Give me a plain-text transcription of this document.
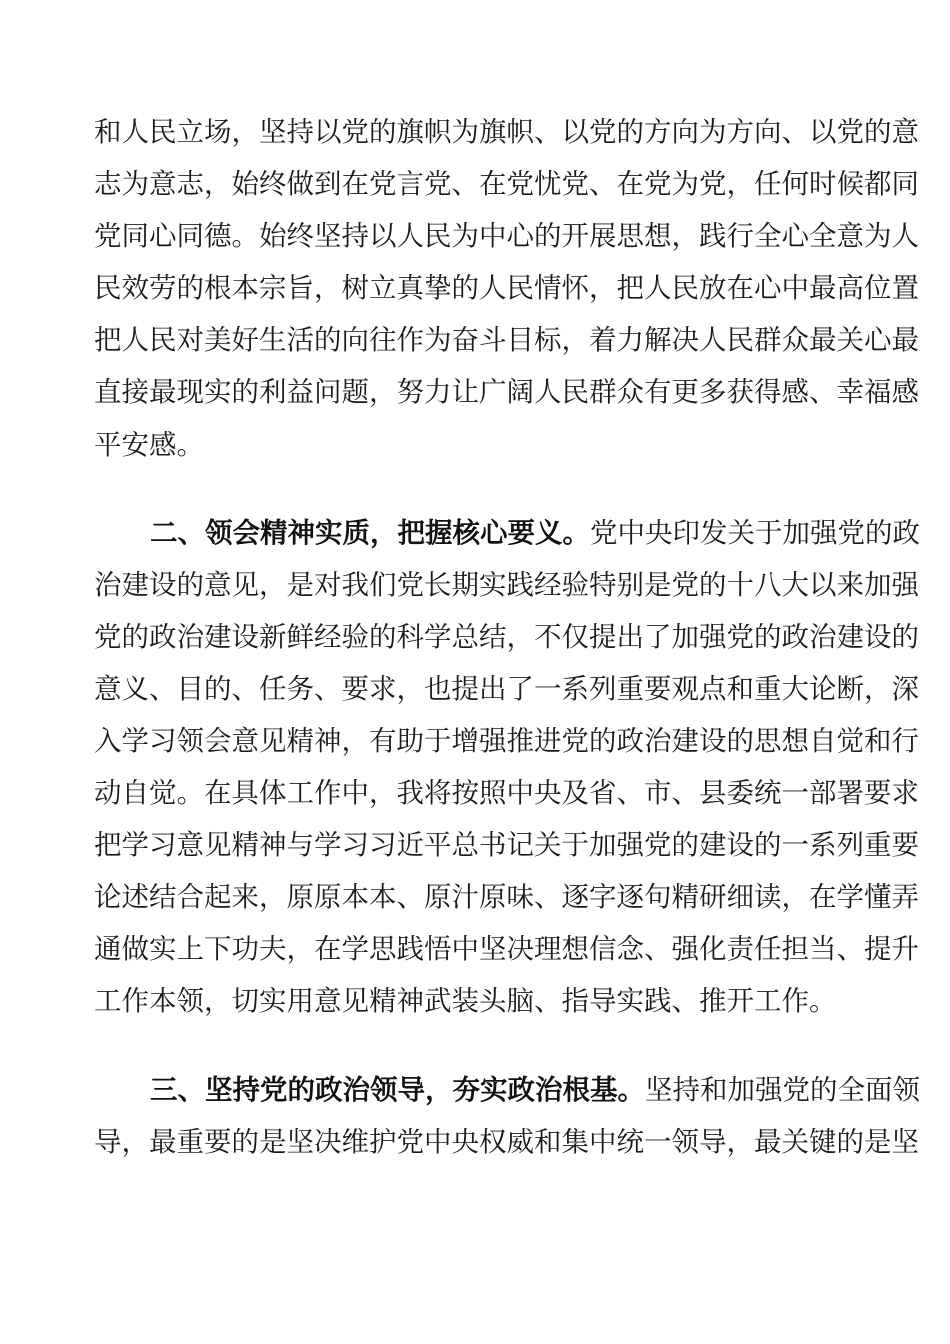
和人民立场，坚持以党的旗帜为旗帜、以党的方向为方向、以党的意
志为意志，始终做到在党言党、在党忧党、在党为党，任何时候都同
党同心同德。始终坚持以人民为中心的开展思想，践行全心全意为人
民效劳的根本宗旨，树立真挚的人民情怀，把人民放在心中最高位置
把人民对美好生活的向往作为奋斗目标，着力解决人民群众最关心最
直接最现实的利益问题，努力让广阔人民群众有更多获得感、幸福感
平安感。
二、领会精神实质，把握核心要义。党中央印发关于加强党的政
治建设的意见，是对我们党长期实践经验特别是党的十八大以来加强
党的政治建设新鲜经验的科学总结，不仅提出了加强党的政治建设的
意义、目的、任务、要求，也提出了一系列重要观点和重大论断，深
入学习领会意见精神，有助于增强推进党的政治建设的思想自觉和行
动自觉。在具体工作中，我将按照中央及省、市、县委统一部署要求
把学习意见精神与学习习近平总书记关于加强党的建设的一系列重要
论述结合起来，原原本本、原汁原味、逐字逐句精研细读，在学懂弄
通做实上下功夫，在学思践悟中坚决理想信念、强化责任担当、提升
工作本领，切实用意见精神武装头脑、指导实践、推开工作。
三、坚持党的政治领导，夯实政治根基。坚持和加强党的全面领
导，最重要的是坚决维护党中央权威和集中统一领导，最关键的是坚
